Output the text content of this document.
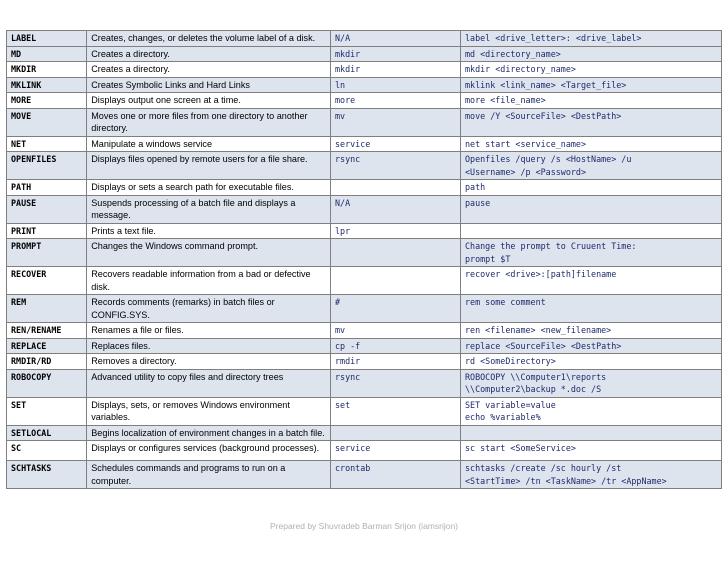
LABEL	Creates, changes, or deletes the volume label of a disk.	N/A	label <drive_letter>: <drive_label>
MD	Creates a directory.	mkdir	md <directory_name>
MKDIR	Creates a directory.	mkdir	mkdir <directory_name>
MKLINK	Creates Symbolic Links and Hard Links	ln	mklink <link_name> <Target_file>
MORE	Displays output one screen at a time.	more	more <file_name>
MOVE	Moves one or more files from one directory to another directory.	mv	move /Y <SourceFile> <DestPath>
NET	Manipulate a windows service	service	net start <service_name>
OPENFILES	Displays files opened by remote users for a file share.	rsync	Openfiles /query /s <HostName> /u
<Username> /p <Password>
PATH	Displays or sets a search path for executable files.		path
PAUSE	Suspends processing of a batch file and displays a message.	N/A	pause
PRINT	Prints a text file.	lpr	
PROMPT	Changes the Windows command prompt.		Change the prompt to Cruuent Time:
prompt $T
RECOVER	Recovers readable information from a bad or defective disk.		recover <drive>:[path]filename
REM	Records comments (remarks) in batch files or CONFIG.SYS.	#	rem some comment
REN/RENAME	Renames a file or files.	mv	ren <filename> <new_filename>
REPLACE	Replaces files.	cp -f	replace <SourceFile> <DestPath>
RMDIR/RD	Removes a directory.	rmdir	rd <SomeDirectory>
ROBOCOPY	Advanced utility to copy files and directory trees	rsync	ROBOCOPY \\Computer1\reports
\\Computer2\backup *.doc /S
SET	Displays, sets, or removes Windows environment variables.	set	SET variable=value
echo %variable%
SETLOCAL	Begins localization of environment changes in a batch file.		
SC	Displays or configures services (background processes).	service	sc start <SomeService>
SCHTASKS	Schedules commands and programs to run on a computer.	crontab	schtasks /create /sc hourly /st
<StartTime> /tn <TaskName> /tr <AppName>
Prepared by Shuvradeb Barman Srijon (iamsrijon)
